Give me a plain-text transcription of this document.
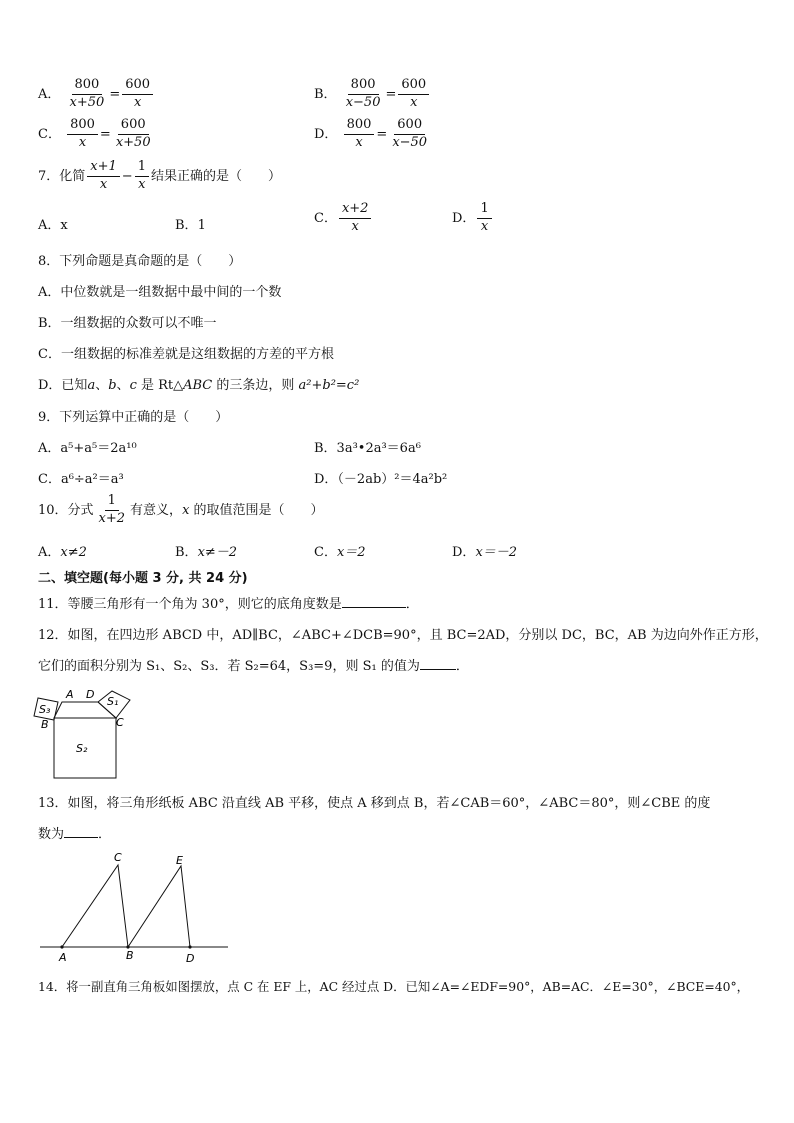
A． $\frac{800}{x+50} = \frac{600}{x}$	B． $\frac{800}{x-50} = \frac{600}{x}$
C． $\frac{800}{x} = \frac{600}{x+50}$	D． $\frac{800}{x} = \frac{600}{x-50}$
7．化简 $\frac{x+1}{x} - \frac{1}{x}$ 结果正确的是（　　）
A．x	B．1	C． $\frac{x+2}{x}$	D． $\frac{1}{x}$
8．下列命题是真命题的是（　　）
A．中位数就是一组数据中最中间的一个数
B．一组数据的众数可以不唯一
C．一组数据的标准差就是这组数据的方差的平方根
D．已知a、b、c 是 Rt△ABC 的三条边，则 a²+b²=c²
9．下列运算中正确的是（　　）
A．a⁵+a⁵＝2a¹⁰	B．3a³•2a³＝6a⁶
C．a⁶÷a²＝a³	D．（－2ab）²＝4a²b²
10．分式 $\frac{1}{x+2}$ 有意义，x 的取值范围是（　　）
A．x≠2	B．x≠－2	C．x＝2	D．x＝－2
二、填空题(每小题 3 分, 共 24 分)
11．等腰三角形有一个角为 30°，则它的底角度数是	．
12．如图，在四边形 ABCD 中，AD∥BC，∠ABC+∠DCB=90°，且 BC=2AD，分别以 DC，BC，AB 为边向外作正方形，
它们的面积分别为 S₁、S₂、S₃．若 S₂=64，S₃=9，则 S₁ 的值为	．
S₃
A D
S₁
B	C
S₂
13．如图，将三角形纸板 ABC 沿直线 AB 平移，使点 A 移到点 B，若∠CAB＝60°，∠ABC＝80°，则∠CBE 的度
数为	．
C	E
A	B	D
14．将一副直角三角板如图摆放，点 C 在 EF 上，AC 经过点 D．已知∠A=∠EDF=90°，AB=AC．∠E=30°，∠BCE=40°，
